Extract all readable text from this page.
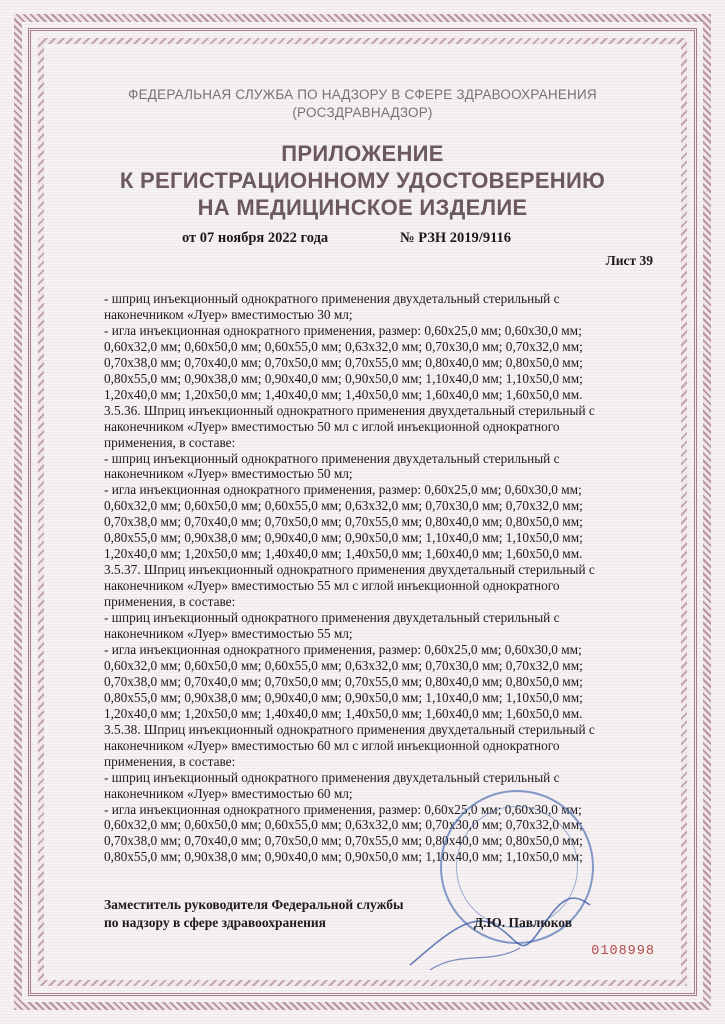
ФЕДЕРАЛЬНАЯ СЛУЖБА ПО НАДЗОРУ В СФЕРЕ ЗДРАВООХРАНЕНИЯ
(РОСЗДРАВНАДЗОР)
ПРИЛОЖЕНИЕ
К РЕГИСТРАЦИОННОМУ УДОСТОВЕРЕНИЮ
НА МЕДИЦИНСКОЕ ИЗДЕЛИЕ
от 07 ноября 2022 года	№ РЗН 2019/9116
Лист 39
- шприц инъекционный однократного применения двухдетальный стерильный с
наконечником «Луер» вместимостью 30 мл;
- игла инъекционная однократного применения, размер: 0,60х25,0 мм; 0,60х30,0 мм;
0,60х32,0 мм; 0,60х50,0 мм; 0,60х55,0 мм; 0,63х32,0 мм; 0,70х30,0 мм; 0,70х32,0 мм;
0,70х38,0 мм; 0,70х40,0 мм; 0,70х50,0 мм; 0,70х55,0 мм; 0,80х40,0 мм; 0,80х50,0 мм;
0,80х55,0 мм; 0,90х38,0 мм; 0,90х40,0 мм; 0,90х50,0 мм; 1,10х40,0 мм; 1,10х50,0 мм;
1,20х40,0 мм; 1,20х50,0 мм; 1,40х40,0 мм; 1,40х50,0 мм; 1,60х40,0 мм; 1,60х50,0 мм.
3.5.36. Шприц инъекционный однократного применения двухдетальный стерильный с
наконечником «Луер» вместимостью 50 мл с иглой инъекционной однократного
применения, в составе:
- шприц инъекционный однократного применения двухдетальный стерильный с
наконечником «Луер» вместимостью 50 мл;
- игла инъекционная однократного применения, размер: 0,60х25,0 мм; 0,60х30,0 мм;
0,60х32,0 мм; 0,60х50,0 мм; 0,60х55,0 мм; 0,63х32,0 мм; 0,70х30,0 мм; 0,70х32,0 мм;
0,70х38,0 мм; 0,70х40,0 мм; 0,70х50,0 мм; 0,70х55,0 мм; 0,80х40,0 мм; 0,80х50,0 мм;
0,80х55,0 мм; 0,90х38,0 мм; 0,90х40,0 мм; 0,90х50,0 мм; 1,10х40,0 мм; 1,10х50,0 мм;
1,20х40,0 мм; 1,20х50,0 мм; 1,40х40,0 мм; 1,40х50,0 мм; 1,60х40,0 мм; 1,60х50,0 мм.
3.5.37. Шприц инъекционный однократного применения двухдетальный стерильный с
наконечником «Луер» вместимостью 55 мл с иглой инъекционной однократного
применения, в составе:
- шприц инъекционный однократного применения двухдетальный стерильный с
наконечником «Луер» вместимостью 55 мл;
- игла инъекционная однократного применения, размер: 0,60х25,0 мм; 0,60х30,0 мм;
0,60х32,0 мм; 0,60х50,0 мм; 0,60х55,0 мм; 0,63х32,0 мм; 0,70х30,0 мм; 0,70х32,0 мм;
0,70х38,0 мм; 0,70х40,0 мм; 0,70х50,0 мм; 0,70х55,0 мм; 0,80х40,0 мм; 0,80х50,0 мм;
0,80х55,0 мм; 0,90х38,0 мм; 0,90х40,0 мм; 0,90х50,0 мм; 1,10х40,0 мм; 1,10х50,0 мм;
1,20х40,0 мм; 1,20х50,0 мм; 1,40х40,0 мм; 1,40х50,0 мм; 1,60х40,0 мм; 1,60х50,0 мм.
3.5.38. Шприц инъекционный однократного применения двухдетальный стерильный с
наконечником «Луер» вместимостью 60 мл с иглой инъекционной однократного
применения, в составе:
- шприц инъекционный однократного применения двухдетальный стерильный с
наконечником «Луер» вместимостью 60 мл;
- игла инъекционная однократного применения, размер: 0,60х25,0 мм; 0,60х30,0 мм;
0,60х32,0 мм; 0,60х50,0 мм; 0,60х55,0 мм; 0,63х32,0 мм; 0,70х30,0 мм; 0,70х32,0 мм;
0,70х38,0 мм; 0,70х40,0 мм; 0,70х50,0 мм; 0,70х55,0 мм; 0,80х40,0 мм; 0,80х50,0 мм;
0,80х55,0 мм; 0,90х38,0 мм; 0,90х40,0 мм; 0,90х50,0 мм; 1,10х40,0 мм; 1,10х50,0 мм;
Заместитель руководителя Федеральной службы
по надзору в сфере здравоохранения	Д.Ю. Павлюков
0108998
